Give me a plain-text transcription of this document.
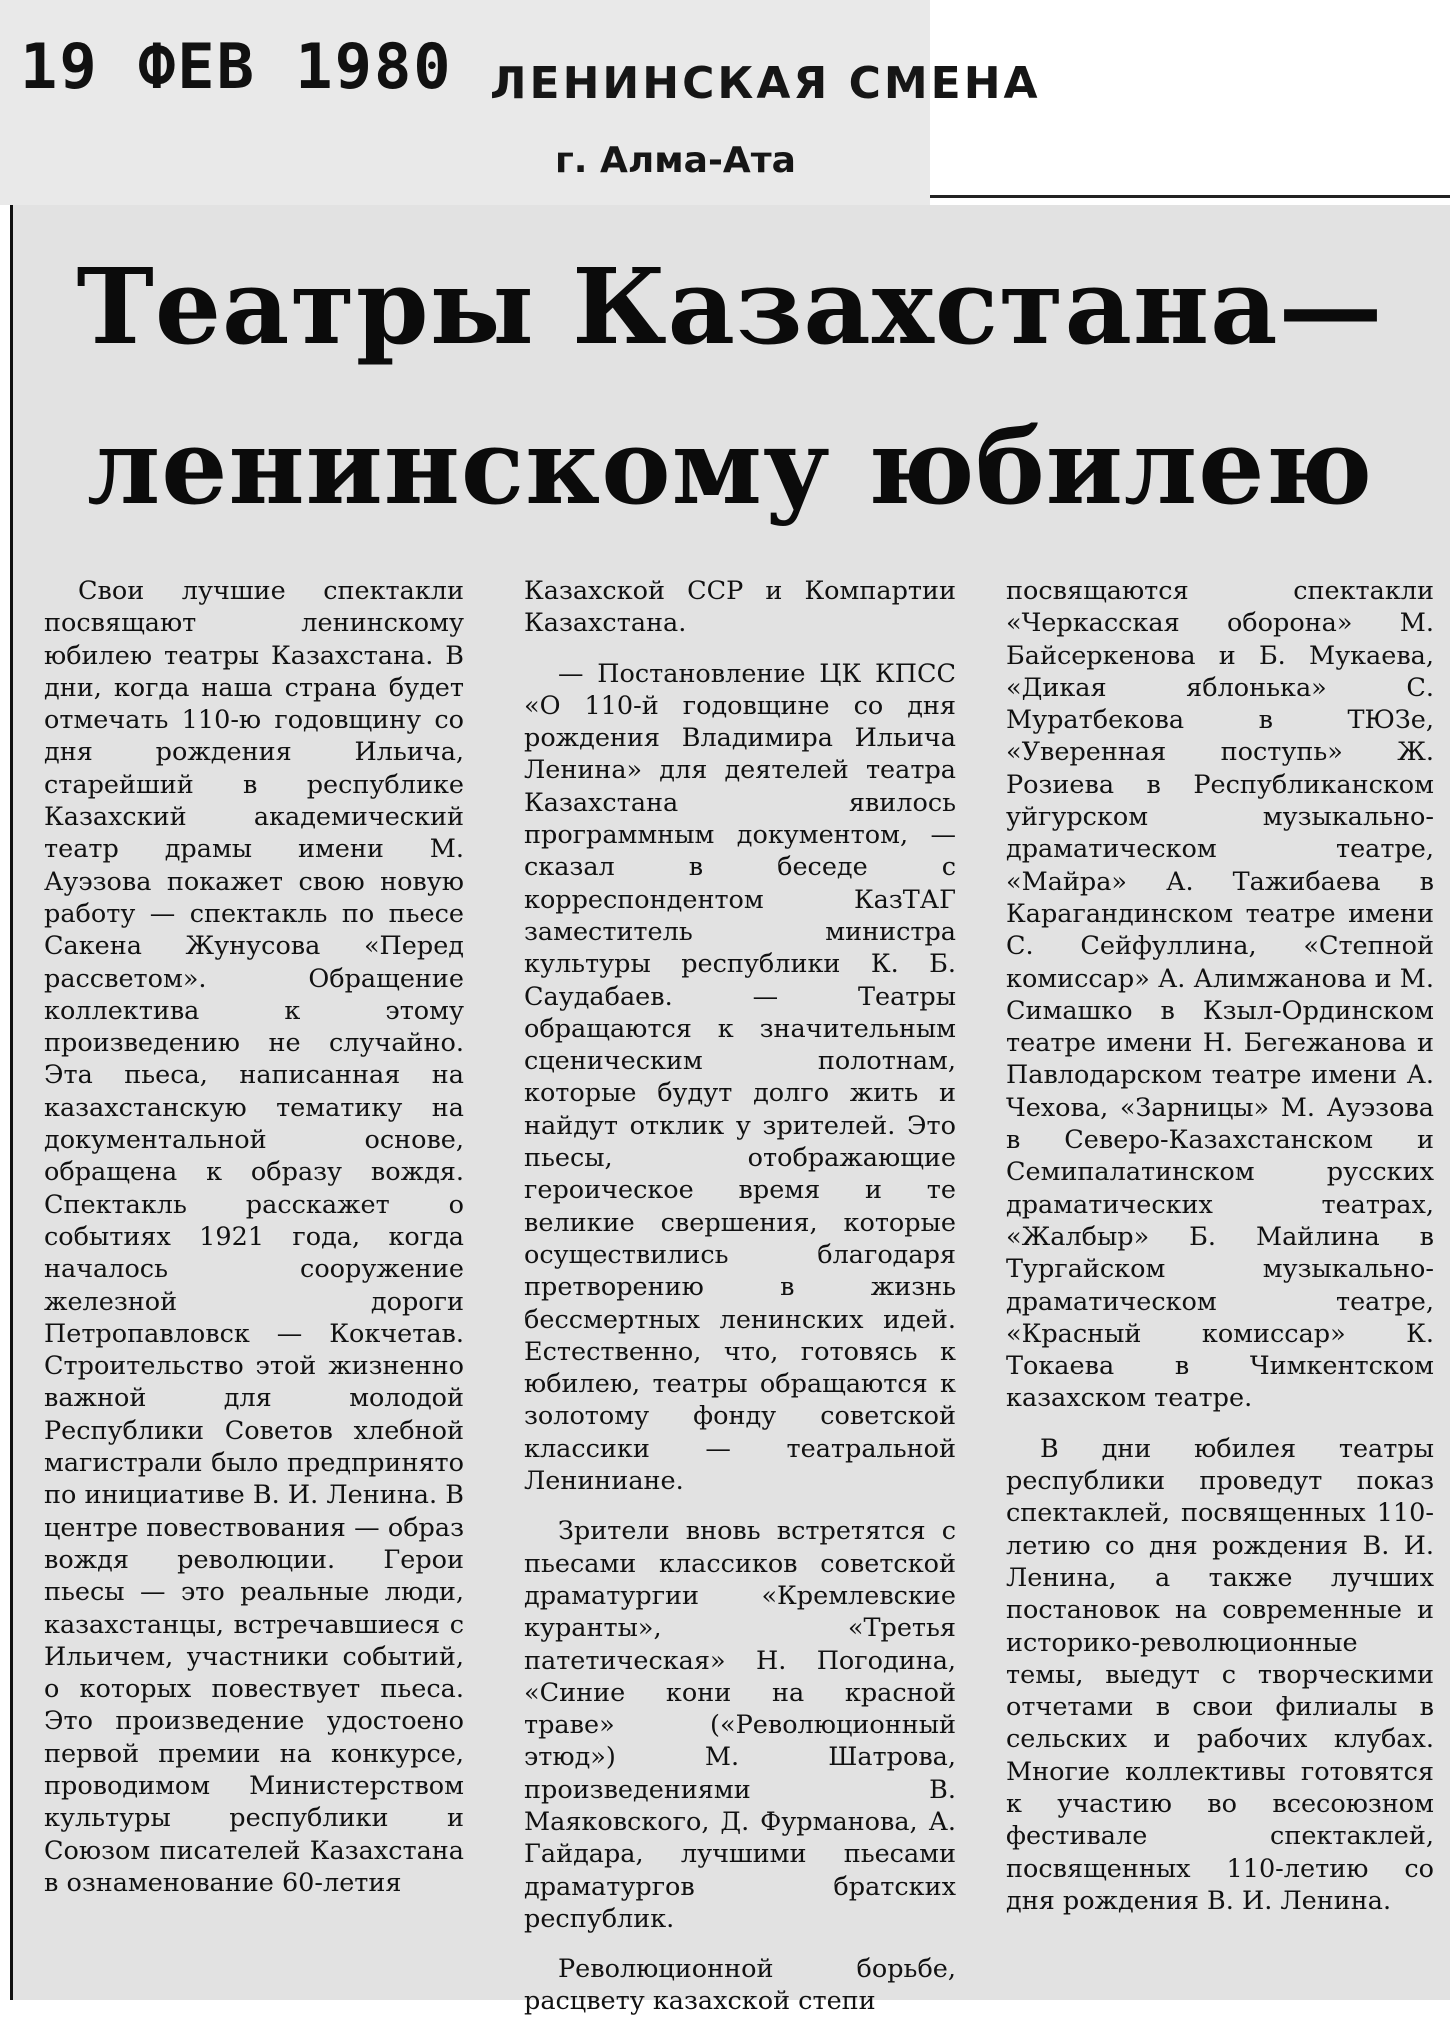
19 ФЕВ 1980 ЛЕНИНСКАЯ СМЕНА
г. Алма-Ата
Театры Казахстана—
ленинскому юбилею

Свои лучшие спектакли посвящают ленинскому юбилею театры Казахстана. В дни, когда наша страна будет отмечать 110-ю годовщину со дня рождения Ильича, старейший в республике Казахский академический театр драмы имени М. Ауэзова покажет свою новую работу — спектакль по пьесе Сакена Жунусова «Перед рассветом». Обращение коллектива к этому произведению не случайно. Эта пьеса, написанная на казахстанскую тематику на документальной основе, обращена к образу вождя. Спектакль расскажет о событиях 1921 года, когда началось сооружение железной дороги Петропавловск — Кокчетав. Строительство этой жизненно важной для молодой Республики Советов хлебной магистрали было предпринято по инициативе В. И. Ленина. В центре повествования — образ вождя революции. Герои пьесы — это реальные люди, казахстанцы, встречавшиеся с Ильичем, участники событий, о которых повествует пьеса. Это произведение удостоено первой премии на конкурсе, проводимом Министерством культуры республики и Союзом писателей Казахстана в ознаменование 60-летия

Казахской ССР и Компартии Казахстана.

— Постановление ЦК КПСС «О 110-й годовщине со дня рождения Владимира Ильича Ленина» для деятелей театра Казахстана явилось программным документом, — сказал в беседе с корреспондентом КазТАГ заместитель министра культуры республики К. Б. Саудабаев. — Театры обращаются к значительным сценическим полотнам, которые будут долго жить и найдут отклик у зрителей. Это пьесы, отображающие героическое время и те великие свершения, которые осуществились благодаря претворению в жизнь бессмертных ленинских идей. Естественно, что, готовясь к юбилею, театры обращаются к золотому фонду советской классики — театральной Лениниане.

Зрители вновь встретятся с пьесами классиков советской драматургии «Кремлевские куранты», «Третья патетическая» Н. Погодина, «Синие кони на красной траве» («Революционный этюд») М. Шатрова, произведениями В. Маяковского, Д. Фурманова, А. Гайдара, лучшими пьесами драматургов братских республик.

Революционной борьбе, расцвету казахской степи

посвящаются спектакли «Черкасская оборона» М. Байсеркенова и Б. Мукаева, «Дикая яблонька» С. Муратбекова в ТЮЗе, «Уверенная поступь» Ж. Розиева в Республиканском уйгурском музыкально-драматическом театре, «Майра» А. Тажибаева в Карагандинском театре имени С. Сейфуллина, «Степной комиссар» А. Алимжанова и М. Симашко в Кзыл-Ординском театре имени Н. Бегежанова и Павлодарском театре имени А. Чехова, «Зарницы» М. Ауэзова в Северо-Казахстанском и Семипалатинском русских драматических театрах, «Жалбыр» Б. Майлина в Тургайском музыкально-драматическом театре, «Красный комиссар» К. Токаева в Чимкентском казахском театре.

В дни юбилея театры республики проведут показ спектаклей, посвященных 110-летию со дня рождения В. И. Ленина, а также лучших постановок на современные и историко-революционные темы, выедут с творческими отчетами в свои филиалы в сельских и рабочих клубах. Многие коллективы готовятся к участию во всесоюзном фестивале спектаклей, посвященных 110-летию со дня рождения В. И. Ленина.
